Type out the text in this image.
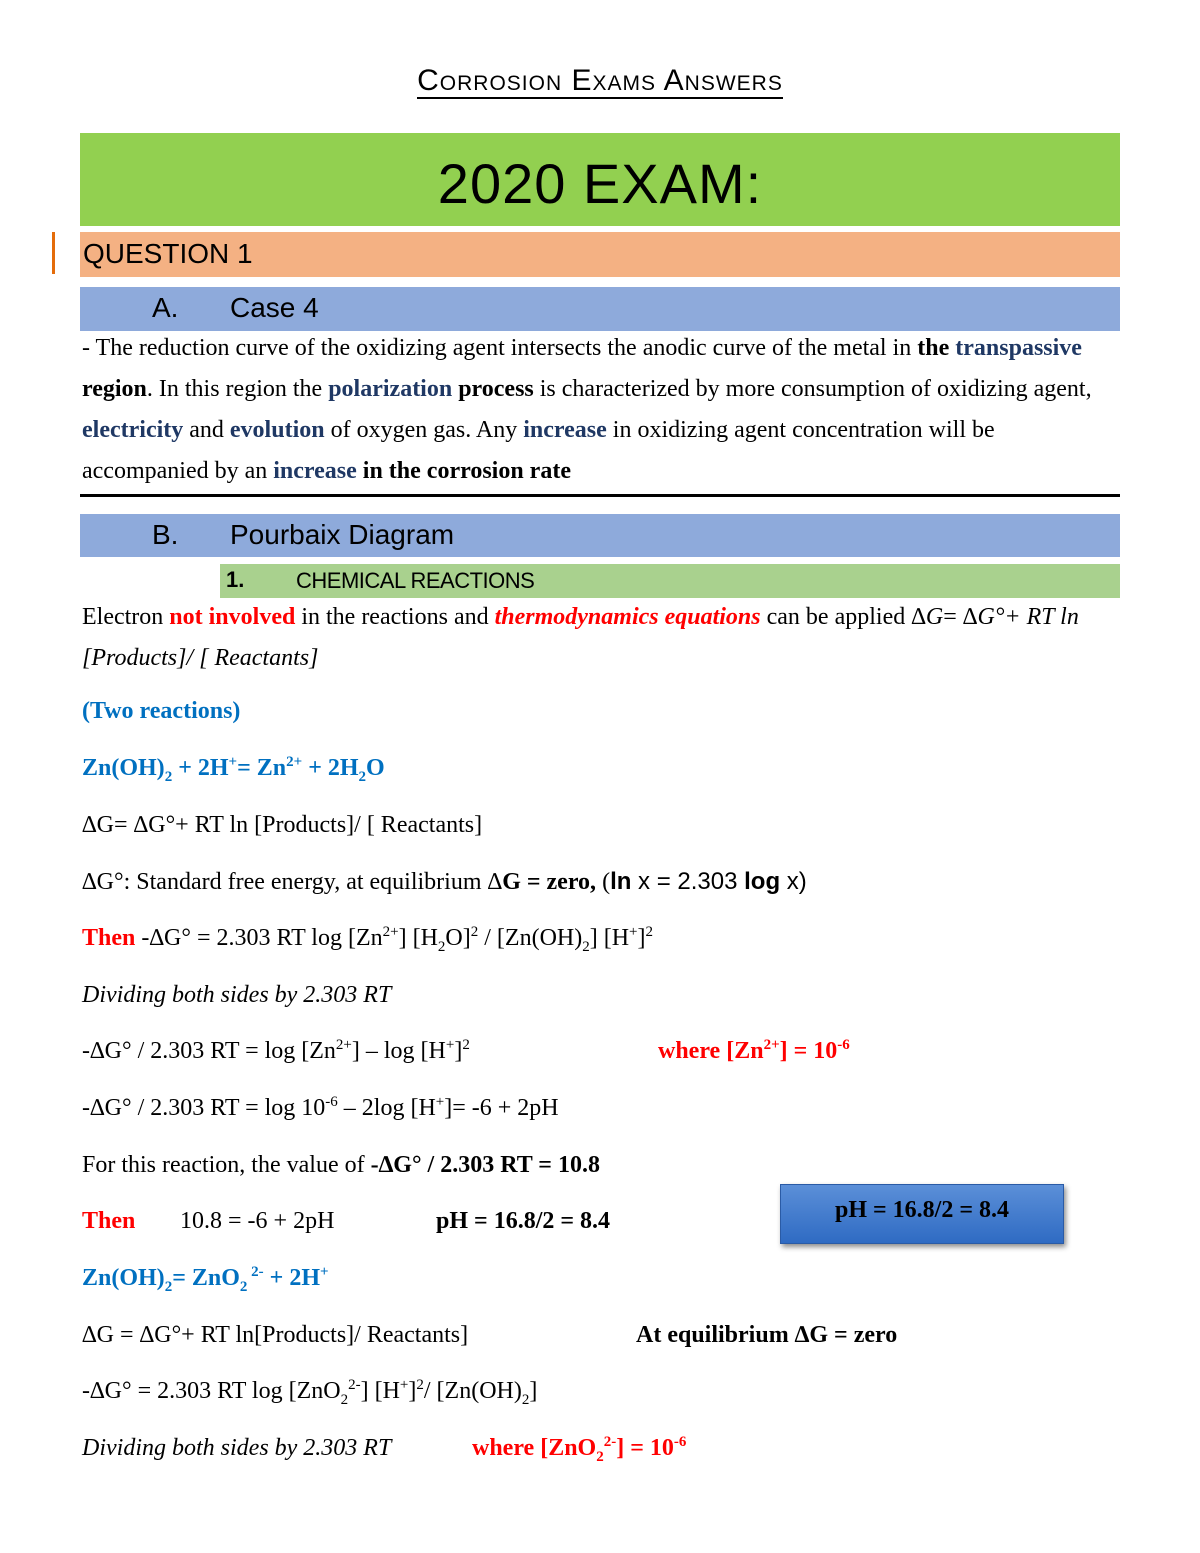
Corrosion Exams Answers
2020 EXAM:
QUESTION 1
A. Case 4
- The reduction curve of the oxidizing agent intersects the anodic curve of the metal in the transpassive region. In this region the polarization process is characterized by more consumption of oxidizing agent, electricity and evolution of oxygen gas. Any increase in oxidizing agent concentration will be accompanied by an increase in the corrosion rate
B. Pourbaix Diagram
1. CHEMICAL REACTIONS
Electron not involved in the reactions and thermodynamics equations can be applied ∆G= ∆G°+ RT ln [Products]/ [ Reactants]
(Two reactions)
$Zn(OH)_2 + 2H^+= Zn^{2+} + 2H_2O$
∆G= ∆G°+ RT ln [Products]/ [ Reactants]
∆G°: Standard free energy, at equilibrium ∆G = zero, (ln x = 2.303 log x)
Then -∆G° = 2.303 RT $\log [Zn^{2+}]$ $[H_2O]^2 / [Zn(OH)_2]$ $[H^+]^2$
Dividing both sides by 2.303 RT
-∆G° / 2.303 RT = $\log [Zn^{2+}]$ – $\log [H^+]^2$	where $[Zn^{2+}] = 10^{-6}$
-∆G° / 2.303 RT = $\log 10^{-6} - 2\log$ [H+]= -6 + 2pH
For this reaction, the value of -∆G° / 2.303 RT = 10.8
Then 10.8 = -6 + 2pH	pH = 16.8/2 = 8.4	pH = 16.8/2 = 8.4
$Zn(OH)_2= ZnO_2$ $^{2-}$ + 2H+
∆G = ∆G°+ RT ln[Products]/ Reactants]	At equilibrium ∆G = zero
-∆G° = 2.303 RT log [ZnO$_2^{2-}$] $[H^+]^2/$ $[Zn(OH)_2]$
Dividing both sides by 2.303 RT	where $[ZnO_2^{2-}] = 10^{-6}$
